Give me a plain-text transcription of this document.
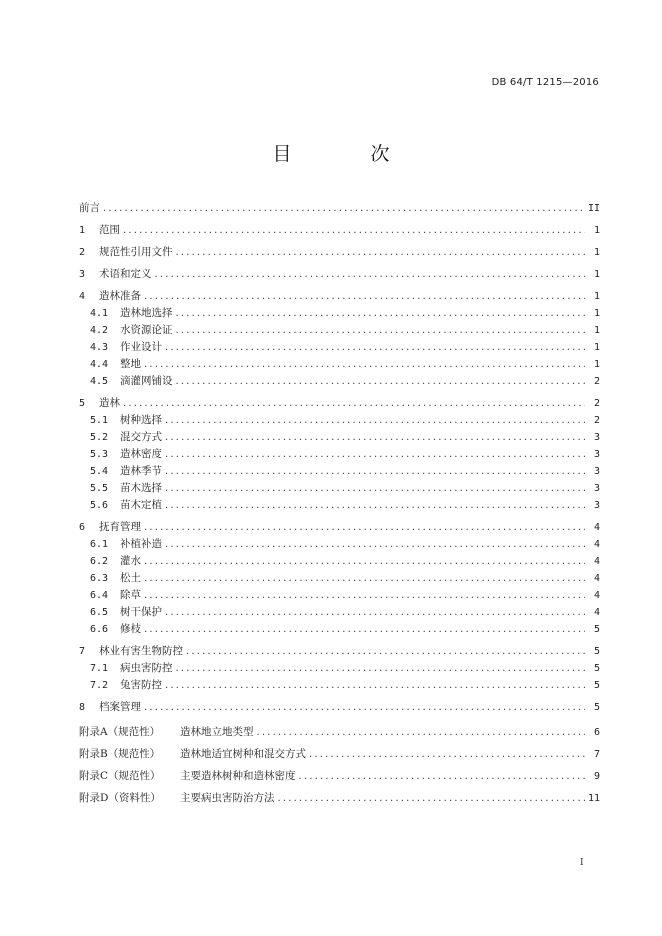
DB 64/T 1215—2016
目　次
前言 . . .	II
1 范围 . . .	1
2 规范性引用文件 . . .	1
3 术语和定义 . . .	1
4 造林准备 . . .	1
4.1 造林地选择 . . .	1
4.2 水资源论证 . . .	1
4.3 作业设计 . . .	1
4.4 整地 . . .	1
4.5 滴灌网铺设 . . .	2
5 造林 . . .	2
5.1 树种选择 . . .	2
5.2 混交方式 . . .	3
5.3 造林密度 . . .	3
5.4 造林季节 . . .	3
5.5 苗木选择 . . .	3
5.6 苗木定植 . . .	3
6 抚育管理 . . .	4
6.1 补植补造 . . .	4
6.2 灌水 . . .	4
6.3 松土 . . .	4
6.4 除草 . . .	4
6.5 树干保护 . . .	4
6.6 修枝 . . .	5
7 林业有害生物防控 . . .	5
7.1 病虫害防控 . . .	5
7.2 兔害防控 . . .	5
8 档案管理 . . .	5
附录A（规范性） 造林地立地类型 . . .	6
附录B（规范性） 造林地适宜树种和混交方式 . . .	7
附录C（规范性） 主要造林树种和造林密度 . . .	9
附录D（资料性） 主要病虫害防治方法 . . .	11
I
